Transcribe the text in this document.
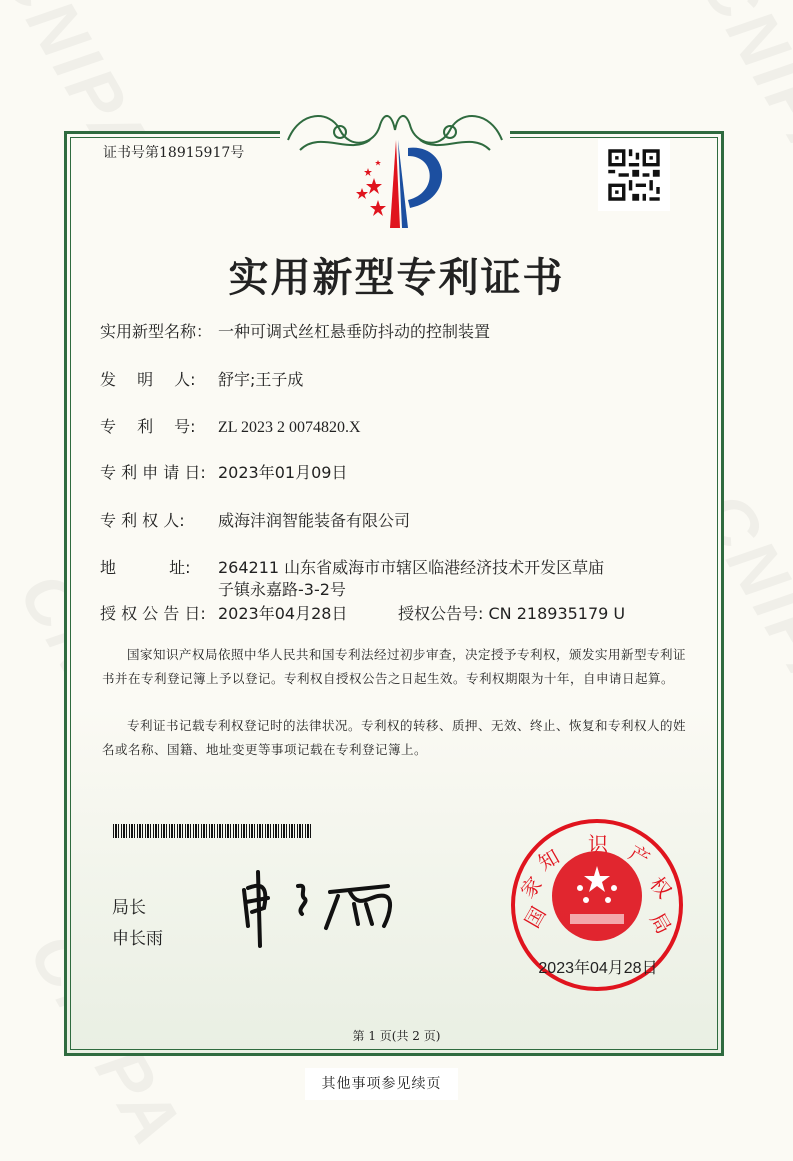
证书号第18915917号
实用新型专利证书
实用新型名称： 一种可调式丝杠悬垂防抖动的控制装置
发　 明 　人: 舒宇;王子成
专　 利 　号: ZL 2023 2 0074820.X
专 利 申 请 日: 2023年01月09日
专 利 权 人: 威海沣润智能装备有限公司
地　　　 址: 264211 山东省威海市市辖区临港经济技术开发区草庙
子镇永嘉路-3-2号
授 权 公 告 日: 2023年04月28日	授权公告号: CN 218935179 U
国家知识产权局依照中华人民共和国专利法经过初步审查，决定授予专利权，颁发实用新型专利证书并在专利登记簿上予以登记。专利权自授权公告之日起生效。专利权期限为十年，自申请日起算。
专利证书记载专利权登记时的法律状况。专利权的转移、质押、无效、终止、恢复和专利权人的姓名或名称、国籍、地址变更等事项记载在专利登记簿上。
局长
申长雨
国
家
知
识 产
权
局
2023年04月28日
第 1 页(共 2 页)
其他事项参见续页
